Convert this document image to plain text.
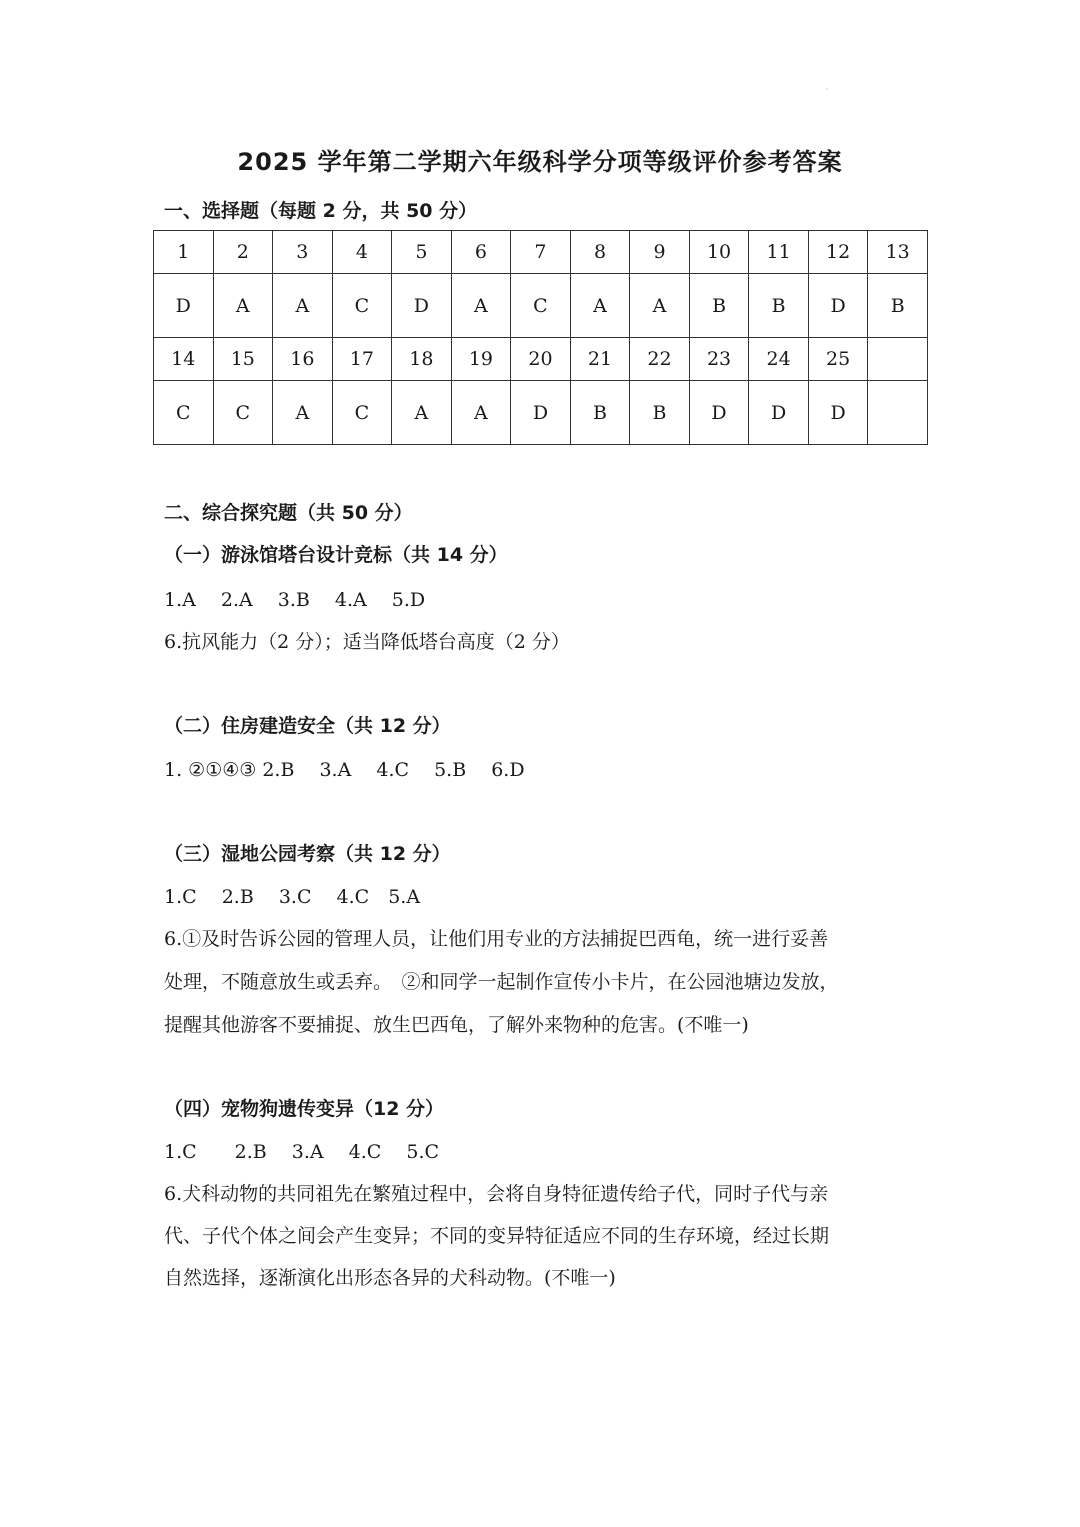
2025 学年第二学期六年级科学分项等级评价参考答案
一、选择题（每题 2 分，共 50 分）
1	2	3	4	5	6	7	8	9	10	11	12	13
D	A	A	C	D	A	C	A	A	B	B	D	B
14	15	16	17	18	19	20	21	22	23	24	25	
C	C	A	C	A	A	D	B	B	D	D	D	
二、综合探究题（共 50 分）
（一）游泳馆塔台设计竞标（共 14 分）
1.A　 2.A　 3.B　 4.A　 5.D
6.抗风能力（2 分）；适当降低塔台高度（2 分）
（二）住房建造安全（共 12 分）
1. ②①④③ 2.B　 3.A　 4.C　 5.B　 6.D
（三）湿地公园考察（共 12 分）
1.C　 2.B　 3.C　 4.C　5.A
6.①及时告诉公园的管理人员，让他们用专业的方法捕捉巴西龟，统一进行妥善
处理，不随意放生或丢弃。　②和同学一起制作宣传小卡片，在公园池塘边发放，
提醒其他游客不要捕捉、放生巴西龟，了解外来物种的危害。(不唯一)
（四）宠物狗遗传变异（12 分）
1.C　　2.B　 3.A　 4.C　 5.C
6.犬科动物的共同祖先在繁殖过程中，会将自身特征遗传给子代，同时子代与亲
代、子代个体之间会产生变异；不同的变异特征适应不同的生存环境，经过长期
自然选择，逐渐演化出形态各异的犬科动物。(不唯一)
